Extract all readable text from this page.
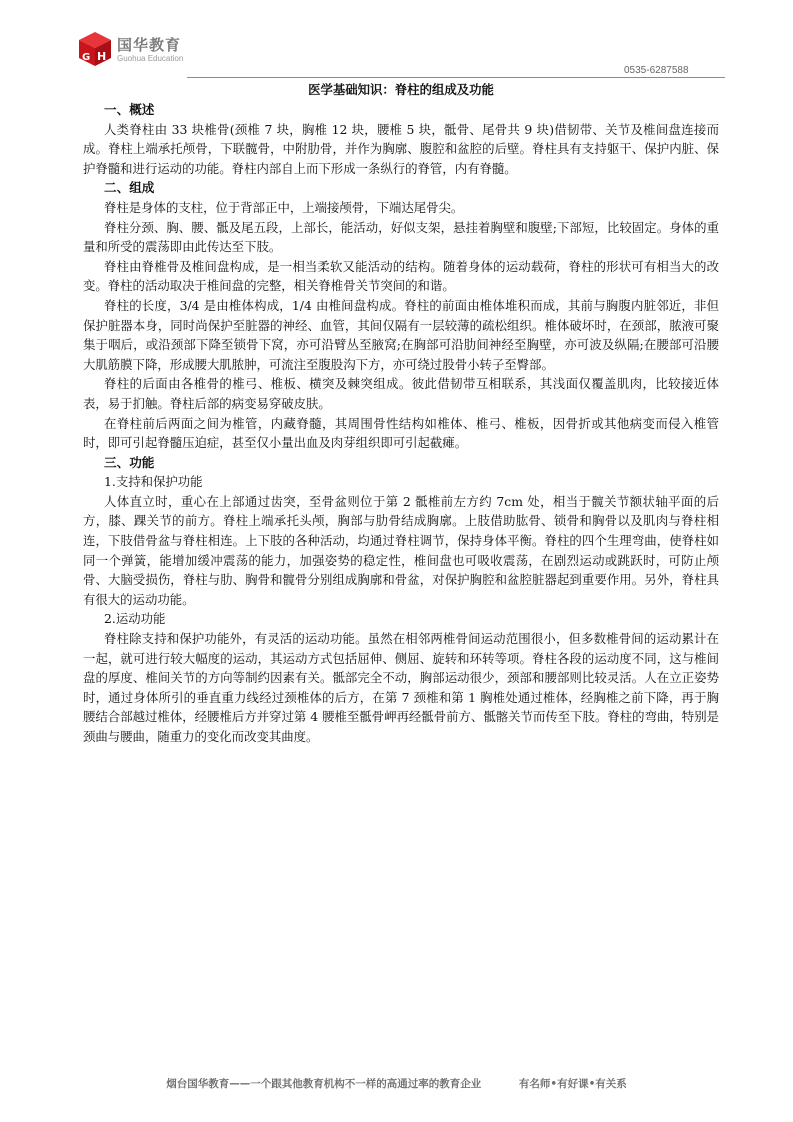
G H
国华教育
Guohua Education
0535-6287588
医学基础知识：脊柱的组成及功能
一、概述

人类脊柱由 33 块椎骨(颈椎 7 块，胸椎 12 块，腰椎 5 块，骶骨、尾骨共 9 块)借韧带、关节及椎间盘连接而成。脊柱上端承托颅骨，下联髋骨，中附肋骨，并作为胸廓、腹腔和盆腔的后壁。脊柱具有支持躯干、保护内脏、保护脊髓和进行运动的功能。脊柱内部自上而下形成一条纵行的脊管，内有脊髓。

二、组成

脊柱是身体的支柱，位于背部正中，上端接颅骨，下端达尾骨尖。

脊柱分颈、胸、腰、骶及尾五段，上部长，能活动，好似支架，悬挂着胸壁和腹壁;下部短，比较固定。身体的重量和所受的震荡即由此传达至下肢。

脊柱由脊椎骨及椎间盘构成，是一相当柔软又能活动的结构。随着身体的运动载荷，脊柱的形状可有相当大的改变。脊柱的活动取决于椎间盘的完整，相关脊椎骨关节突间的和谐。

脊柱的长度，3/4 是由椎体构成，1/4 由椎间盘构成。脊柱的前面由椎体堆积而成，其前与胸腹内脏邻近，非但保护脏器本身，同时尚保护至脏器的神经、血管，其间仅隔有一层较薄的疏松组织。椎体破坏时，在颈部，脓液可聚集于咽后，或沿颈部下降至锁骨下窝，亦可沿臂丛至腋窝;在胸部可沿肋间神经至胸壁，亦可波及纵隔;在腰部可沿腰大肌筋膜下降，形成腰大肌脓肿，可流注至腹股沟下方，亦可绕过股骨小转子至臀部。

脊柱的后面由各椎骨的椎弓、椎板、横突及棘突组成。彼此借韧带互相联系，其浅面仅覆盖肌肉，比较接近体表，易于扪触。脊柱后部的病变易穿破皮肤。

在脊柱前后两面之间为椎管，内藏脊髓，其周围骨性结构如椎体、椎弓、椎板，因骨折或其他病变而侵入椎管时，即可引起脊髓压迫症，甚至仅小量出血及肉芽组织即可引起截瘫。

三、功能
1.支持和保护功能

人体直立时，重心在上部通过齿突，至骨盆则位于第 2 骶椎前左方约 7cm 处，相当于髋关节额状轴平面的后方，膝、踝关节的前方。脊柱上端承托头颅，胸部与肋骨结成胸廓。上肢借助肱骨、锁骨和胸骨以及肌肉与脊柱相连，下肢借骨盆与脊柱相连。上下肢的各种活动，均通过脊柱调节，保持身体平衡。脊柱的四个生理弯曲，使脊柱如同一个弹簧，能增加缓冲震荡的能力，加强姿势的稳定性，椎间盘也可吸收震荡，在剧烈运动或跳跃时，可防止颅骨、大脑受损伤，脊柱与肋、胸骨和髋骨分别组成胸廓和骨盆，对保护胸腔和盆腔脏器起到重要作用。另外，脊柱具有很大的运动功能。

2.运动功能

脊柱除支持和保护功能外，有灵活的运动功能。虽然在相邻两椎骨间运动范围很小，但多数椎骨间的运动累计在一起，就可进行较大幅度的运动，其运动方式包括屈伸、侧屈、旋转和环转等项。脊柱各段的运动度不同，这与椎间盘的厚度、椎间关节的方向等制约因素有关。骶部完全不动，胸部运动很少，颈部和腰部则比较灵活。人在立正姿势时，通过身体所引的垂直重力线经过颈椎体的后方，在第 7 颈椎和第 1 胸椎处通过椎体，经胸椎之前下降，再于胸腰结合部越过椎体，经腰椎后方并穿过第 4 腰椎至骶骨岬再经骶骨前方、骶髂关节而传至下肢。脊柱的弯曲，特别是颈曲与腰曲，随重力的变化而改变其曲度。

烟台国华教育——一个跟其他教育机构不一样的高通过率的教育企业	有名师•有好课•有关系
